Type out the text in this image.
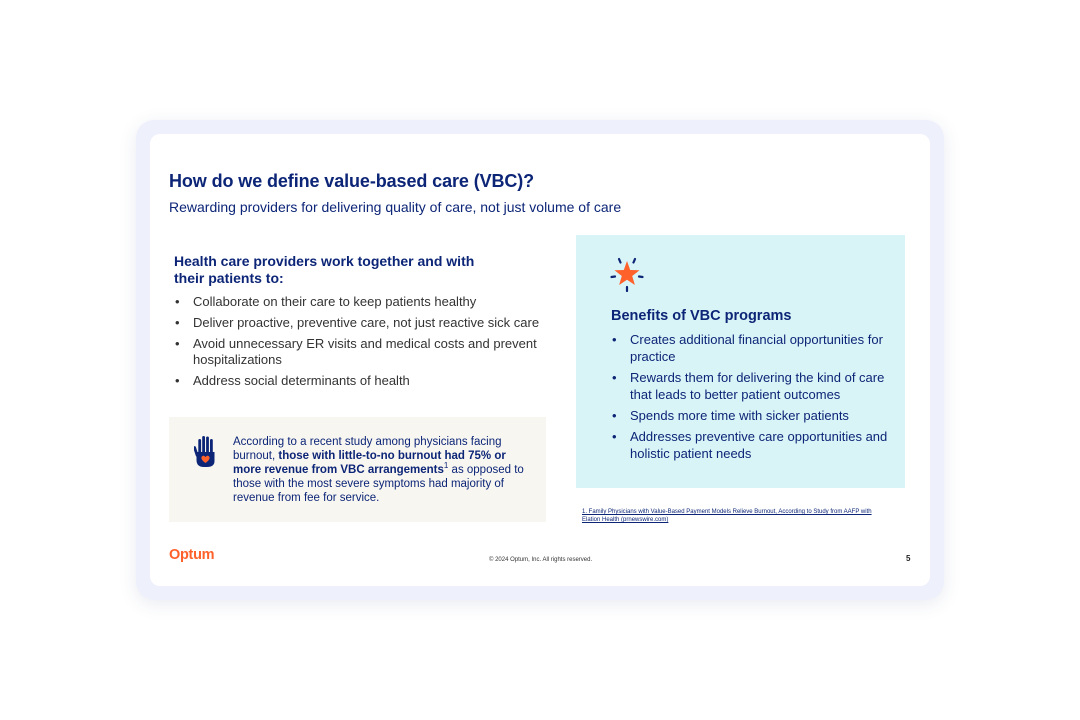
How do we define value-based care (VBC)?
Rewarding providers for delivering quality of care, not just volume of care
Health care providers work together and with their patients to:
• Collaborate on their care to keep patients healthy
• Deliver proactive, preventive care, not just reactive sick care
• Avoid unnecessary ER visits and medical costs and prevent hospitalizations
• Address social determinants of health
According to a recent study among physicians facing burnout, those with little-to-no burnout had 75% or more revenue from VBC arrangements$^1$ as opposed to those with the most severe symptoms had majority of revenue from fee for service.
Benefits of VBC programs
• Creates additional financial opportunities for practice
• Rewards them for delivering the kind of care that leads to better patient outcomes
• Spends more time with sicker patients
• Addresses preventive care opportunities and holistic patient needs
1. Family Physicians with Value-Based Payment Models Relieve Burnout, According to Study from AAFP with Elation Health (prnewswire.com)
Optum	© 2024 Optum, Inc. All rights reserved.	5
